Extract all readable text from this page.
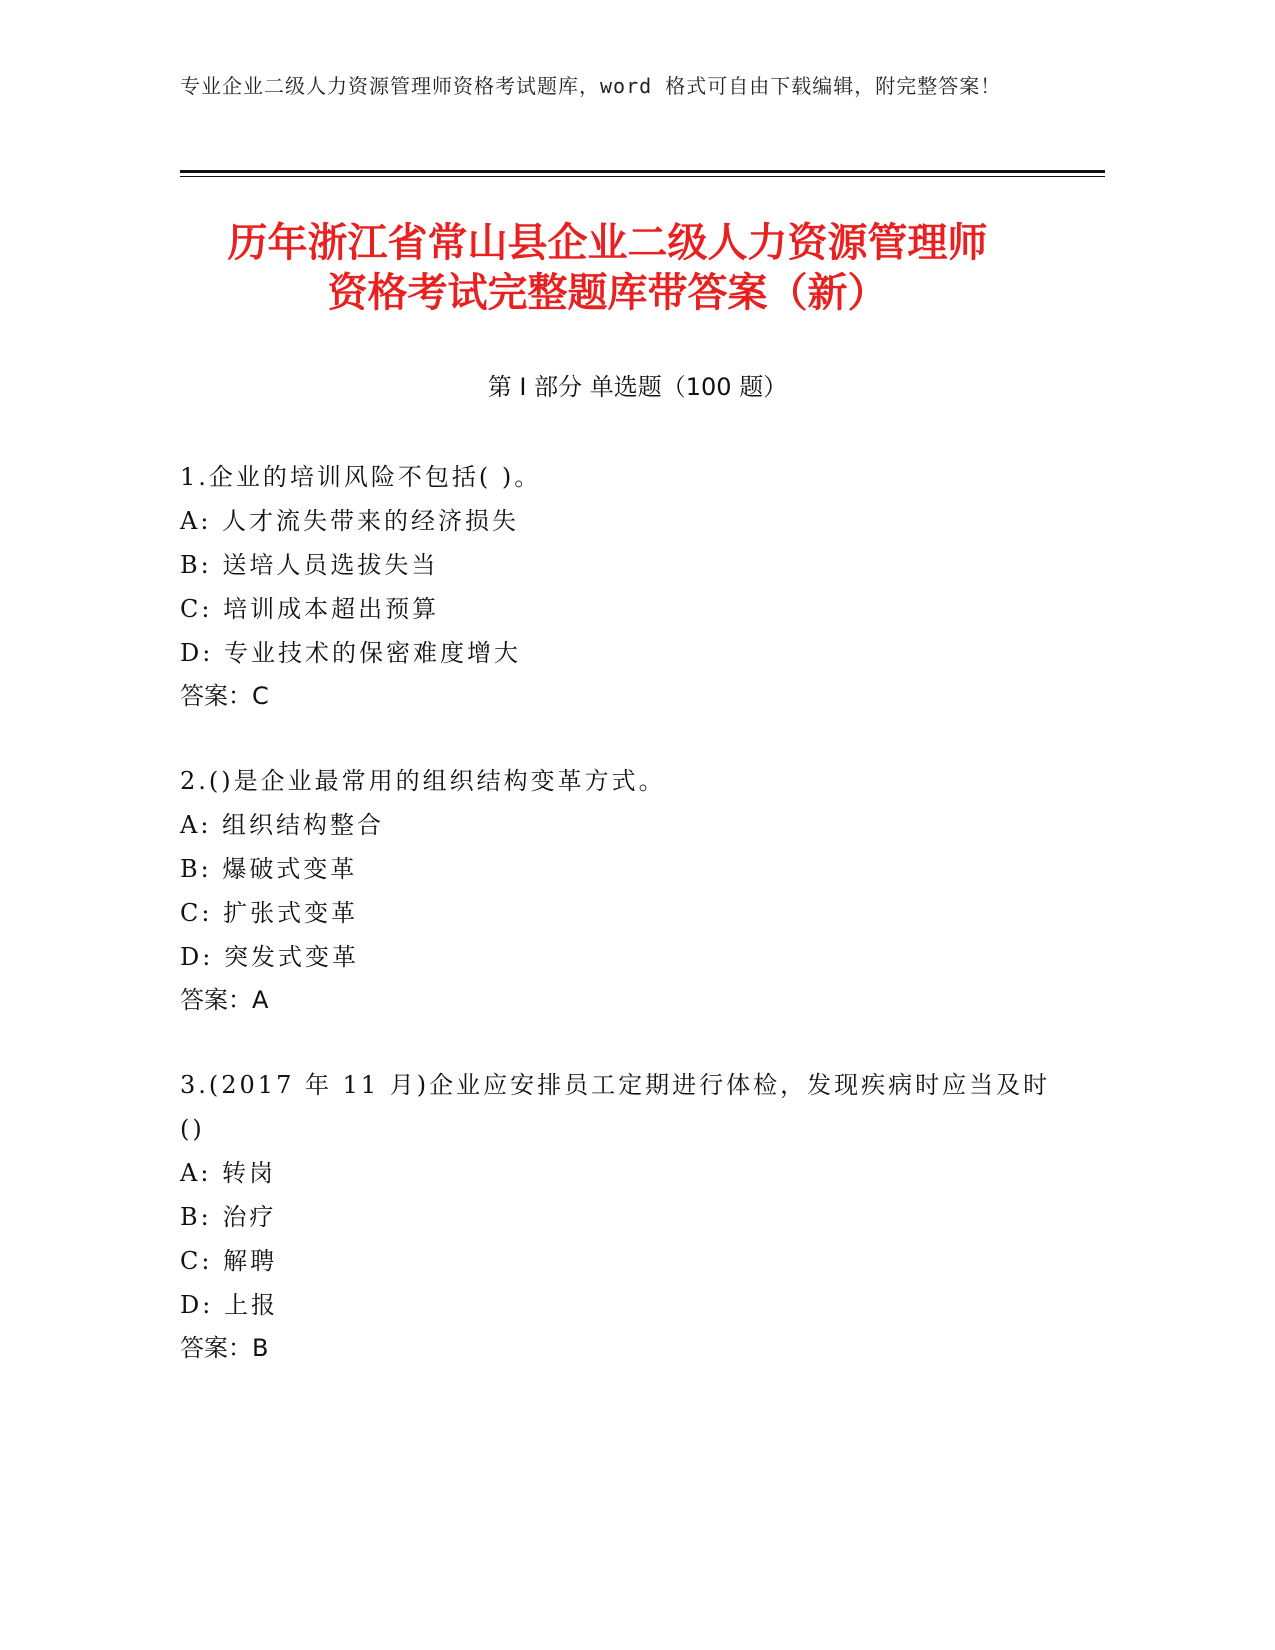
专业企业二级人力资源管理师资格考试题库，word 格式可自由下载编辑，附完整答案！
历年浙江省常山县企业二级人力资源管理师
资格考试完整题库带答案（新）
第 I 部分 单选题（100 题）
1.企业的培训风险不包括( )。
A: 人才流失带来的经济损失
B: 送培人员选拔失当
C: 培训成本超出预算
D: 专业技术的保密难度增大
答案：C
2.()是企业最常用的组织结构变革方式。
A: 组织结构整合
B: 爆破式变革
C: 扩张式变革
D: 突发式变革
答案：A
3.(2017 年 11 月)企业应安排员工定期进行体检，发现疾病时应当及时()
A: 转岗
B: 治疗
C: 解聘
D: 上报
答案：B
